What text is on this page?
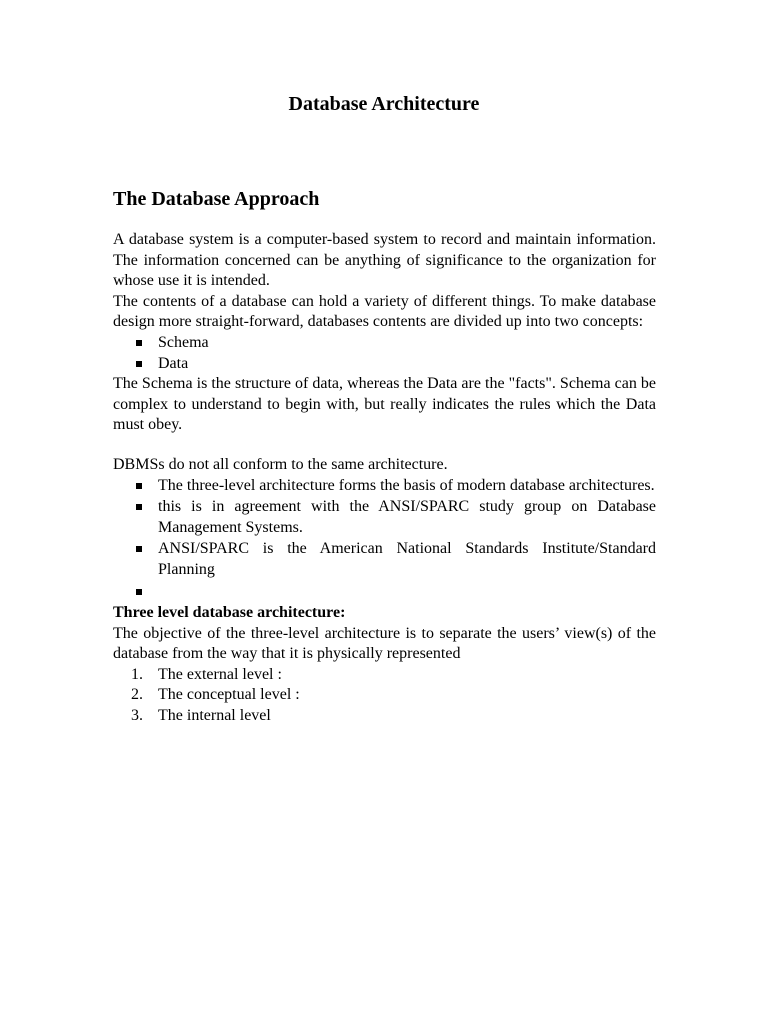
Database Architecture
The Database Approach

A database system is a computer-based system to record and maintain information. The information concerned can be anything of significance to the organization for whose use it is intended.

The contents of a database can hold a variety of different things. To make database design more straight-forward, databases contents are divided up into two concepts:

Schema
Data

The Schema is the structure of data, whereas the Data are the "facts". Schema can be complex to understand to begin with, but really indicates the rules which the Data must obey.

DBMSs do not all conform to the same architecture.

The three-level architecture forms the basis of modern database architectures.
this is in agreement with the ANSI/SPARC study group on Database Management Systems.
ANSI/SPARC is the American National Standards Institute/Standard Planning

Three level database architecture:

The objective of the three-level architecture is to separate the users’ view(s) of the database from the way that it is physically represented

1. The external level :
2. The conceptual level :
3. The internal level
